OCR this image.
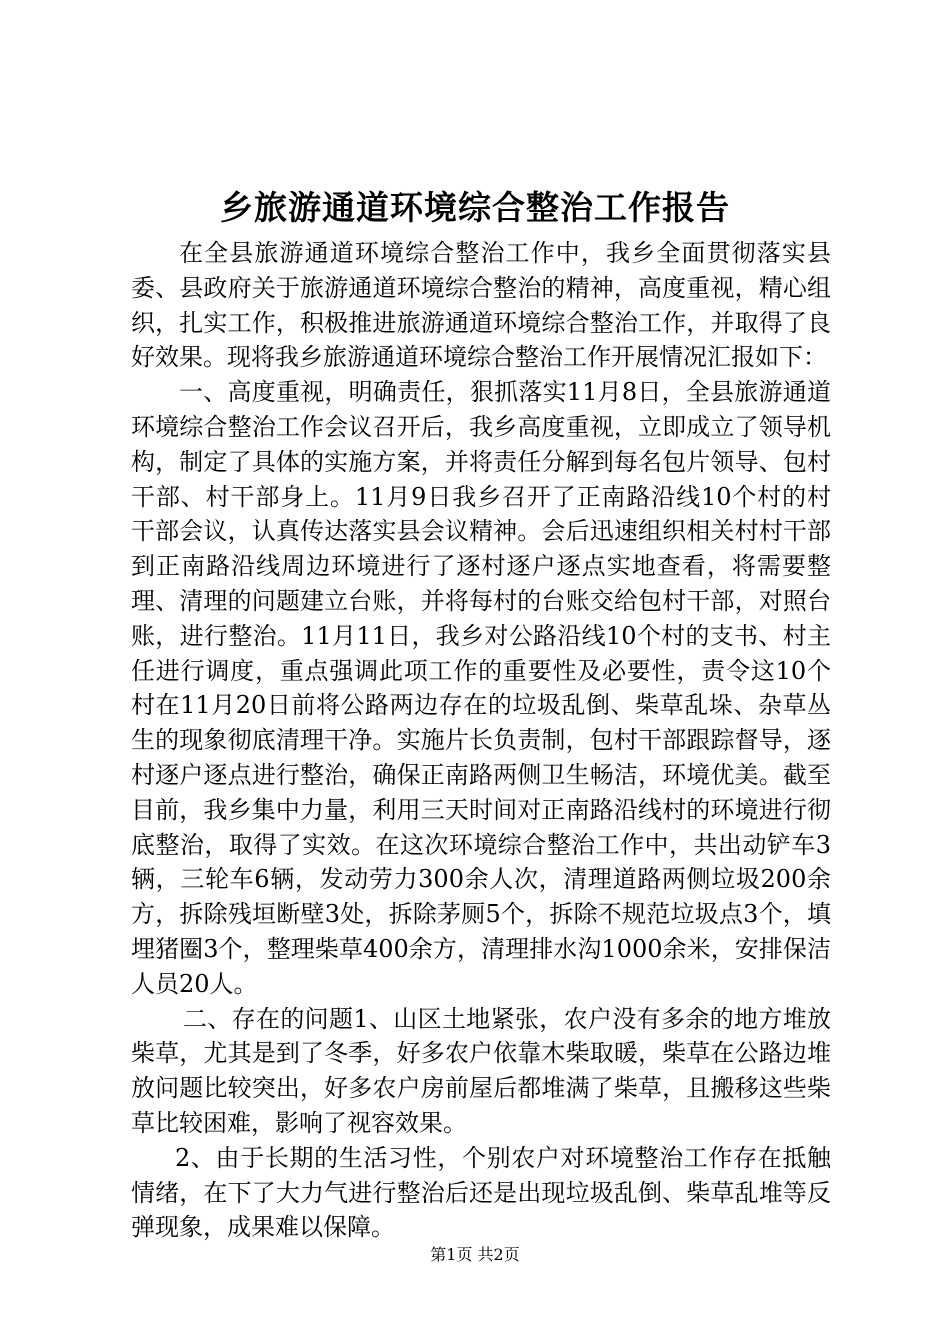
乡旅游通道环境综合整治工作报告

在全县旅游通道环境综合整治工作中，我乡全面贯彻落实县委、县政府关于旅游通道环境综合整治的精神，高度重视，精心组织，扎实工作，积极推进旅游通道环境综合整治工作，并取得了良好效果。现将我乡旅游通道环境综合整治工作开展情况汇报如下：

一、高度重视，明确责任，狠抓落实11月8日，全县旅游通道环境综合整治工作会议召开后，我乡高度重视，立即成立了领导机构，制定了具体的实施方案，并将责任分解到每名包片领导、包村干部、村干部身上。11月9日我乡召开了正南路沿线10个村的村干部会议，认真传达落实县会议精神。会后迅速组织相关村村干部到正南路沿线周边环境进行了逐村逐户逐点实地查看，将需要整理、清理的问题建立台账，并将每村的台账交给包村干部，对照台账，进行整治。11月11日，我乡对公路沿线10个村的支书、村主任进行调度，重点强调此项工作的重要性及必要性，责令这10个村在11月20日前将公路两边存在的垃圾乱倒、柴草乱垛、杂草丛生的现象彻底清理干净。实施片长负责制，包村干部跟踪督导，逐村逐户逐点进行整治，确保正南路两侧卫生畅洁，环境优美。截至目前，我乡集中力量，利用三天时间对正南路沿线村的环境进行彻底整治，取得了实效。在这次环境综合整治工作中，共出动铲车3辆，三轮车6辆，发动劳力300余人次，清理道路两侧垃圾200余方，拆除残垣断壁3处，拆除茅厕5个，拆除不规范垃圾点3个，填埋猪圈3个，整理柴草400余方，清理排水沟1000余米，安排保洁人员20人。

二、存在的问题1、山区土地紧张，农户没有多余的地方堆放柴草，尤其是到了冬季，好多农户依靠木柴取暖，柴草在公路边堆放问题比较突出，好多农户房前屋后都堆满了柴草，且搬移这些柴草比较困难，影响了视容效果。

2、由于长期的生活习性，个别农户对环境整治工作存在抵触情绪，在下了大力气进行整治后还是出现垃圾乱倒、柴草乱堆等反弹现象，成果难以保障。

第1页 共2页
